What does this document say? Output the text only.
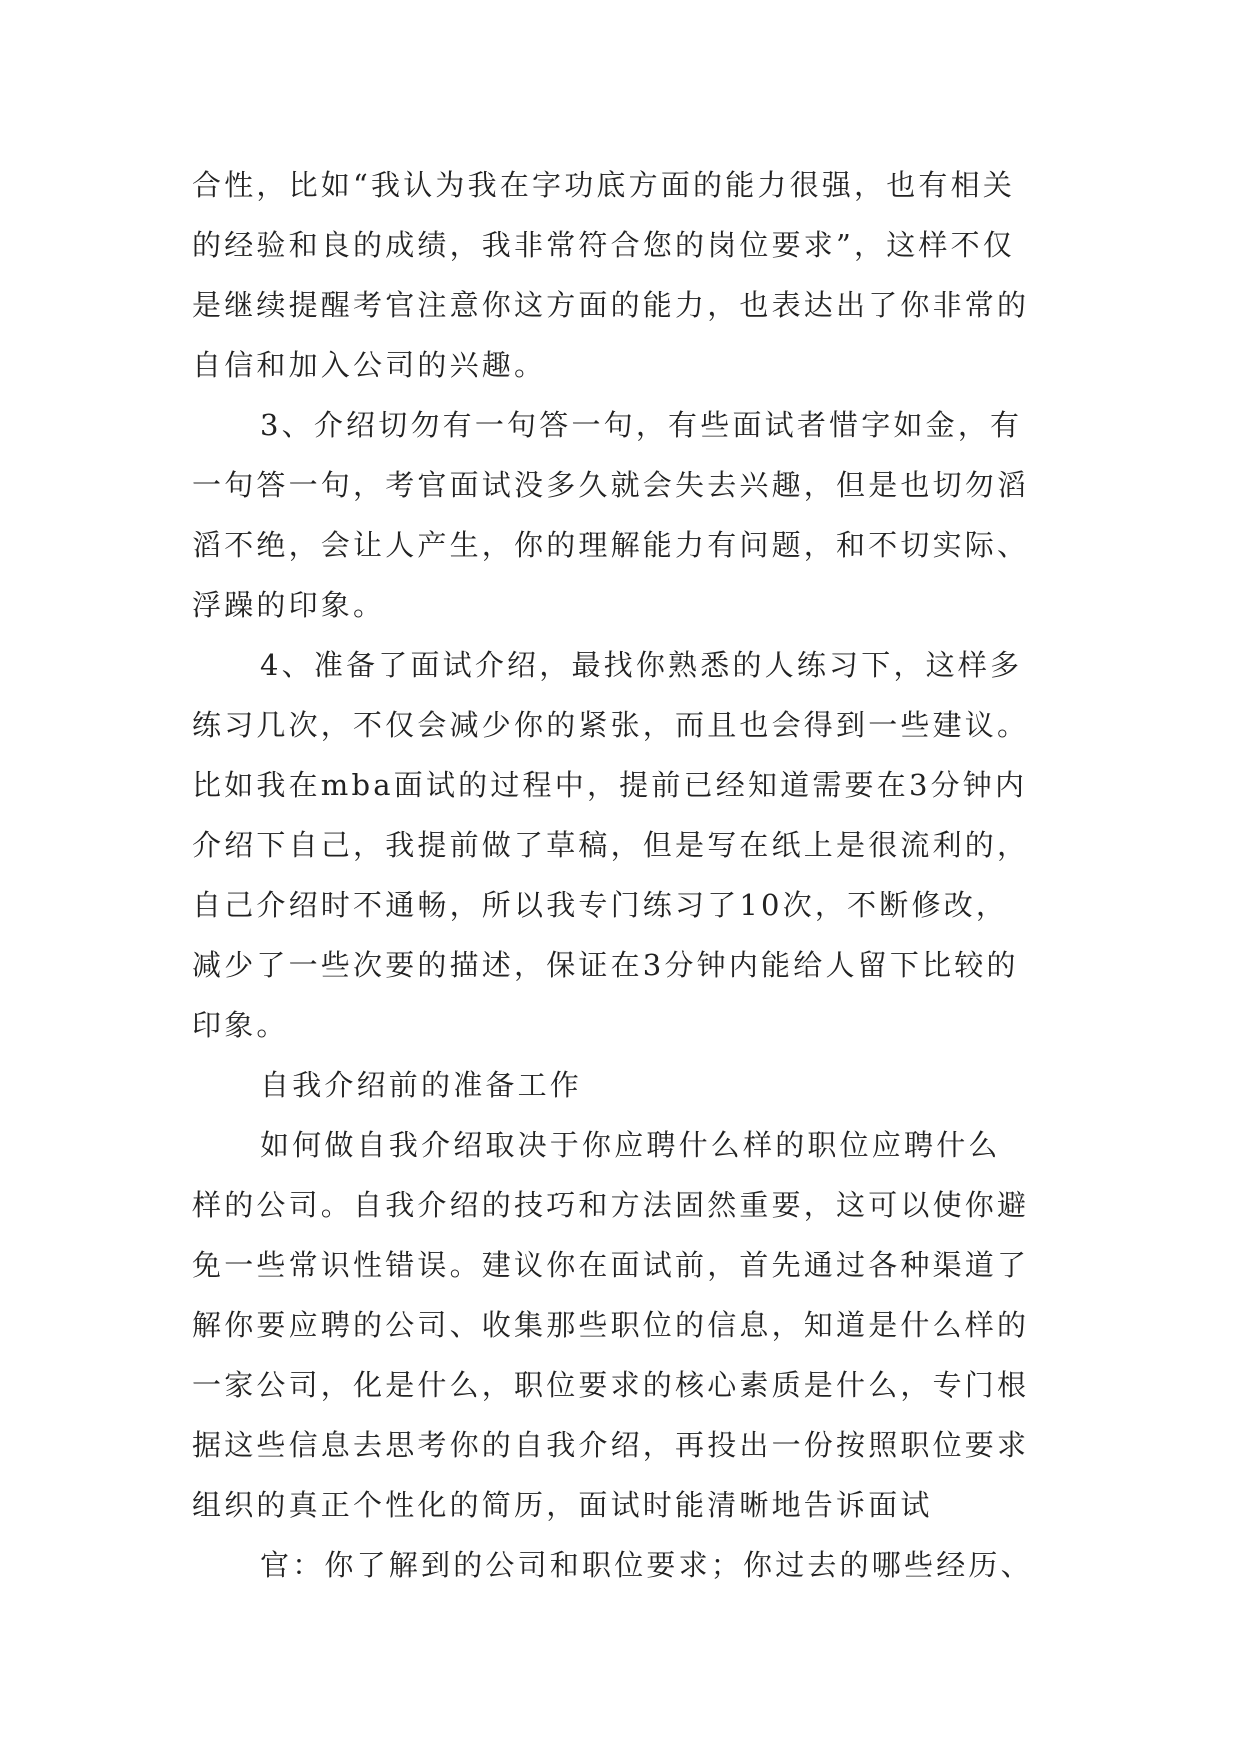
合性，比如“我认为我在字功底方面的能力很强，也有相关
的经验和良的成绩，我非常符合您的岗位要求”，这样不仅
是继续提醒考官注意你这方面的能力，也表达出了你非常的
自信和加入公司的兴趣。
3、介绍切勿有一句答一句，有些面试者惜字如金，有
一句答一句，考官面试没多久就会失去兴趣，但是也切勿滔
滔不绝，会让人产生，你的理解能力有问题，和不切实际、
浮躁的印象。
4、准备了面试介绍，最找你熟悉的人练习下，这样多
练习几次，不仅会减少你的紧张，而且也会得到一些建议。
比如我在mba面试的过程中，提前已经知道需要在3分钟内
介绍下自己，我提前做了草稿，但是写在纸上是很流利的，
自己介绍时不通畅，所以我专门练习了10次，不断修改，
减少了一些次要的描述，保证在3分钟内能给人留下比较的
印象。
自我介绍前的准备工作
如何做自我介绍取决于你应聘什么样的职位应聘什么
样的公司。自我介绍的技巧和方法固然重要，这可以使你避
免一些常识性错误。建议你在面试前，首先通过各种渠道了
解你要应聘的公司、收集那些职位的信息，知道是什么样的
一家公司，化是什么，职位要求的核心素质是什么，专门根
据这些信息去思考你的自我介绍，再投出一份按照职位要求
组织的真正个性化的简历，面试时能清晰地告诉面试
官：你了解到的公司和职位要求；你过去的哪些经历、
